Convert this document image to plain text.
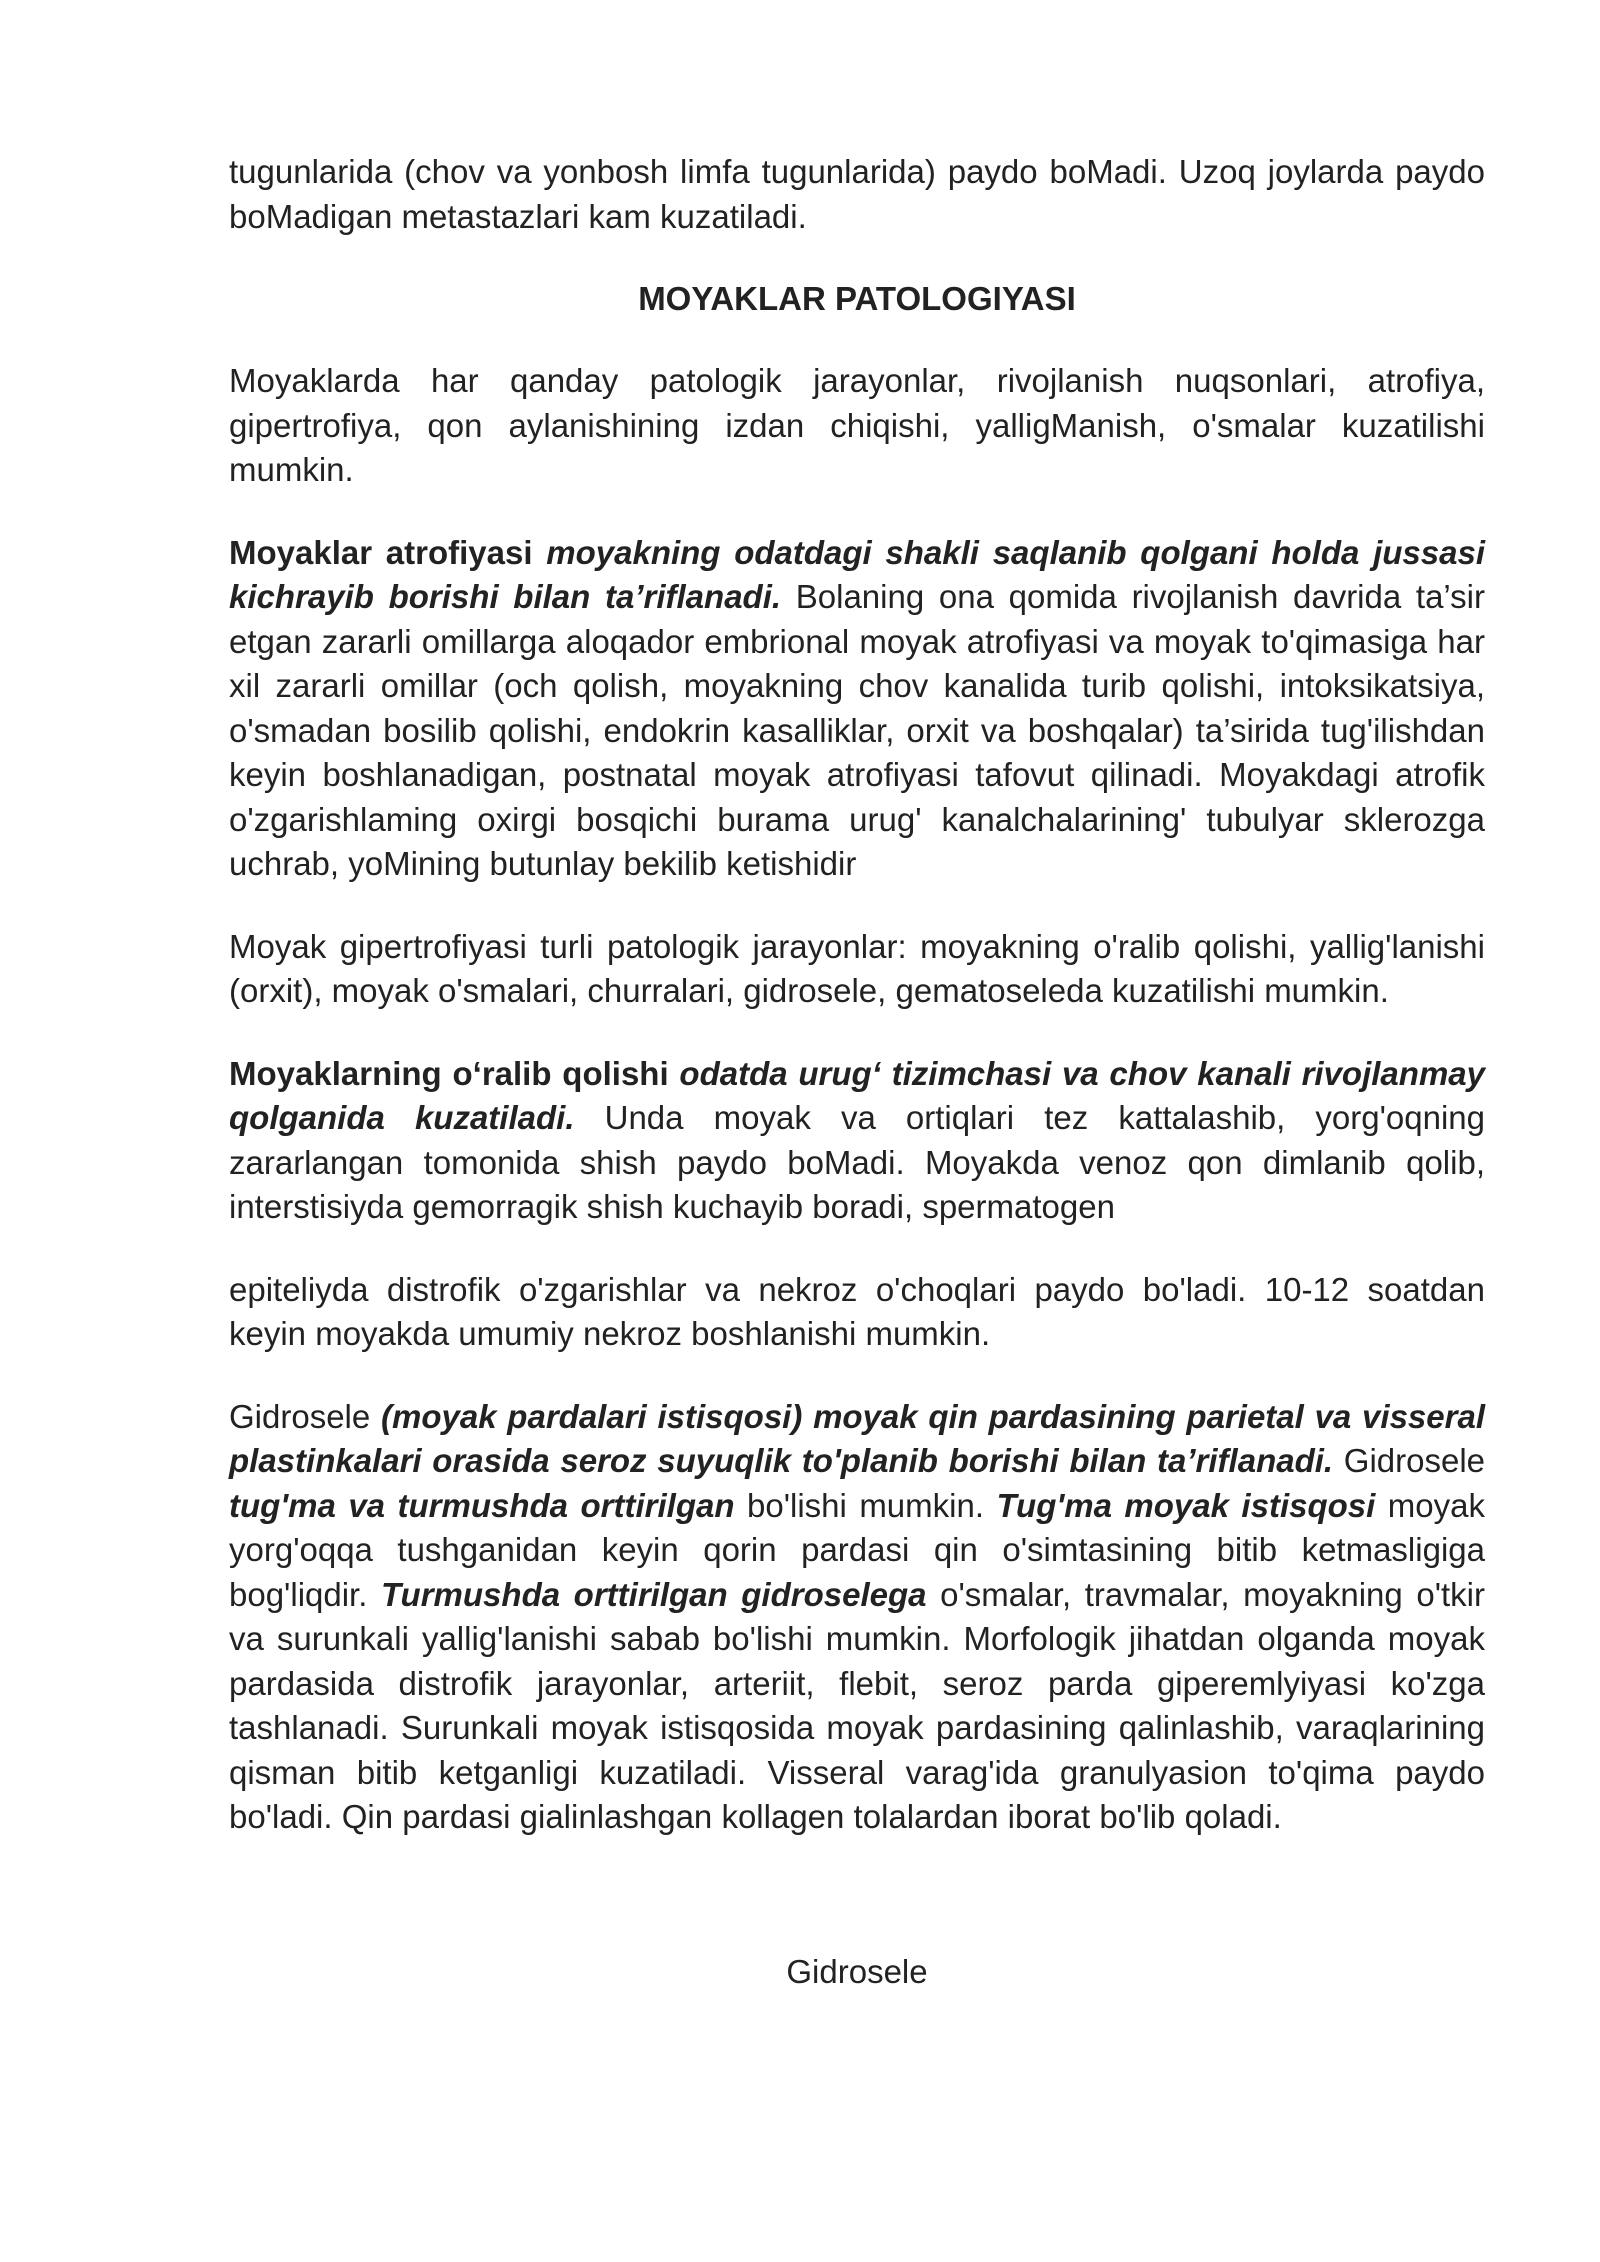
tugunlarida (chov va yonbosh limfa tugunlarida) paydo boMadi. Uzoq joylarda paydo boMadigan metastazlari kam kuzatiladi.

MOYAKLAR PATOLOGIYASI

Moyaklarda har qanday patologik jarayonlar, rivojlanish nuqsonlari, atrofiya, gipertrofiya, qon aylanishining izdan chiqishi, yalligManish, o'smalar kuzatilishi mumkin.

Moyaklar atrofiyasi moyakning odatdagi shakli saqlanib qolgani holda jussasi kichrayib borishi bilan ta’riflanadi. Bolaning ona qomida rivojlanish davrida ta’sir etgan zararli omillarga aloqador embrional moyak atrofiyasi va moyak to'qimasiga har xil zararli omillar (och qolish, moyakning chov kanalida turib qolishi, intoksikatsiya, o'smadan bosilib qolishi, endokrin kasalliklar, orxit va boshqalar) ta’sirida tug'ilishdan keyin boshlanadigan, postnatal moyak atrofiyasi tafovut qilinadi. Moyakdagi atrofik o'zgarishlaming oxirgi bosqichi burama urug' kanalchalarining' tubulyar sklerozga uchrab, yoMining butunlay bekilib ketishidir

Moyak gipertrofiyasi turli patologik jarayonlar: moyakning o'ralib qolishi, yallig'lanishi (orxit), moyak o'smalari, churralari, gidrosele, gematoseleda kuzatilishi mumkin.

Moyaklarning o‘ralib qolishi odatda urug‘ tizimchasi va chov kanali rivojlanmay qolganida kuzatiladi. Unda moyak va ortiqlari tez kattalashib, yorg'oqning zararlangan tomonida shish paydo boMadi. Moyakda venoz qon dimlanib qolib, interstisiyda gemorragik shish kuchayib boradi, spermatogen

epiteliyda distrofik o'zgarishlar va nekroz o'choqlari paydo bo'ladi. 10-12 soatdan keyin moyakda umumiy nekroz boshlanishi mumkin.

Gidrosele (moyak pardalari istisqosi) moyak qin pardasining parietal va visseral plastinkalari orasida seroz suyuqlik to'planib borishi bilan ta’riflanadi. Gidrosele tug'ma va turmushda orttirilgan bo'lishi mumkin. Tug'ma moyak istisqosi moyak yorg'oqqa tushganidan keyin qorin pardasi qin o'simtasining bitib ketmasligiga bog'liqdir. Turmushda orttirilgan gidroselega o'smalar, travmalar, moyakning o'tkir va surunkali yallig'lanishi sabab bo'lishi mumkin. Morfologik jihatdan olganda moyak pardasida distrofik jarayonlar, arteriit, flebit, seroz parda giperemlyiyasi ko'zga tashlanadi. Surunkali moyak istisqosida moyak pardasining qalinlashib, varaqlarining qisman bitib ketganligi kuzatiladi. Visseral varag'ida granulyasion to'qima paydo bo'ladi. Qin pardasi gialinlashgan kollagen tolalardan iborat bo'lib qoladi.

Gidrosele
